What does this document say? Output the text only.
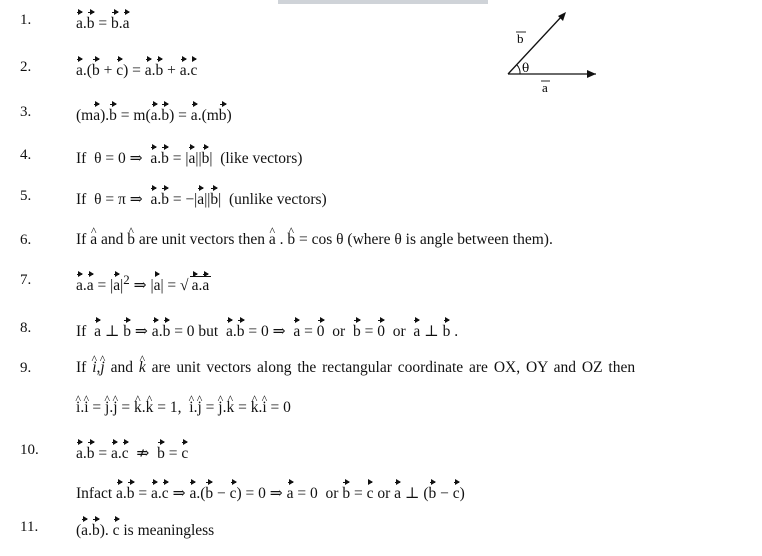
θ
b
a
1.	a.b = b.a
2.	a.(b + c) = a.b + a.c
3.	(ma).b = m(a.b) = a.(mb)
4.	If θ = 0 ⇒ a.b = |a||b|  (like vectors)
5.	If θ = π ⇒ a.b = −|a||b|  (unlike vectors)
6.	If ^ a and ^ b are unit vectors then ^ a . ^ b = cos θ (where θ is angle between them).
7.	$a.a = |a|^2$ ⇒ |a| = √ a.a
8.	If a ⊥ b ⇒ a.b = 0 but a.b = 0 ⇒ a = 0 or b = 0 or a ⊥ b .
9.	If ^ i,^ j and ^ k are unit vectors along the rectangular coordinate are OX, OY and OZ then
^ i.^ i = ^ j.^ j = ^ k.^ k = 1,  ^ i.^ j = ^ j.^ k = ^ k.^ i = 0
10.	a.b = a.c  ⇏  b = c
Infact a.b = a.c ⇒ a.(b − c) = 0 ⇒ a = 0  or b = c or a ⊥ (b − c)
11.	(a.b). c is meaningless
